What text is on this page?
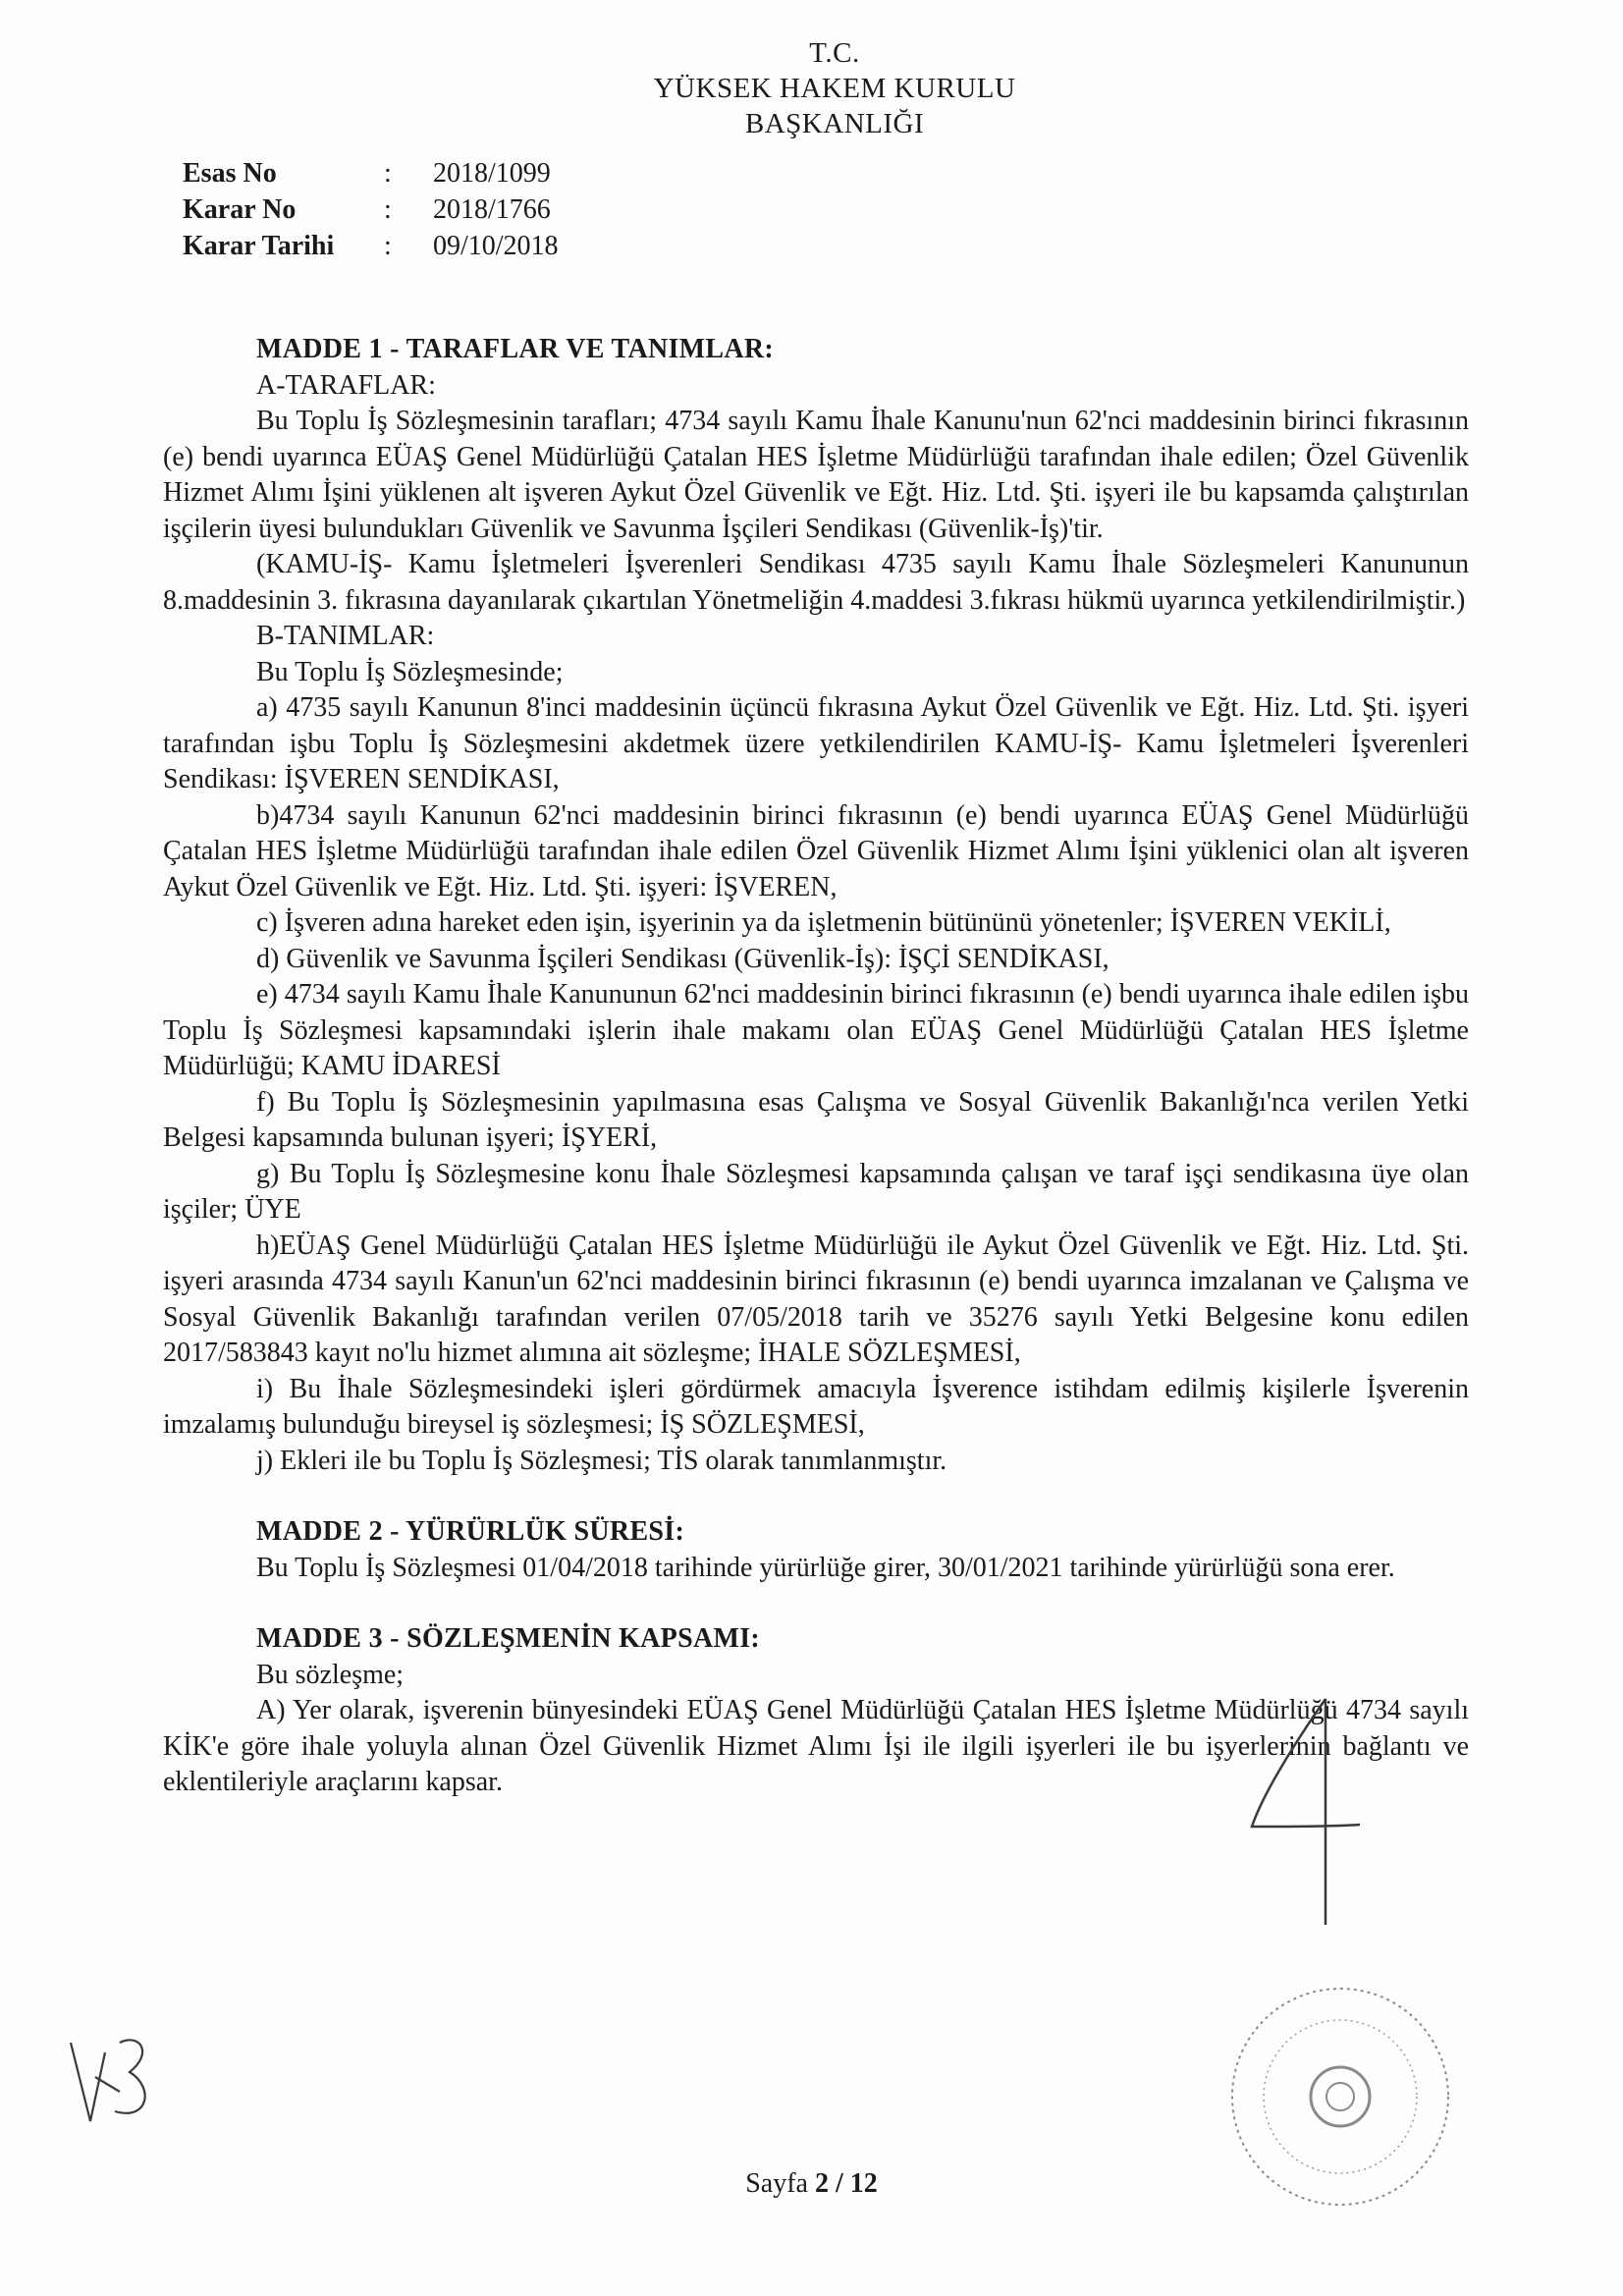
T.C.
YÜKSEK HAKEM KURULU
BAŞKANLIĞI
Esas No	:	2018/1099
Karar No	:	2018/1766
Karar Tarihi	:	09/10/2018
MADDE 1 - TARAFLAR VE TANIMLAR:
A-TARAFLAR:

Bu Toplu İş Sözleşmesinin tarafları; 4734 sayılı Kamu İhale Kanunu'nun 62'nci maddesinin birinci fıkrasının (e) bendi uyarınca EÜAŞ Genel Müdürlüğü Çatalan HES İşletme Müdürlüğü tarafından ihale edilen; Özel Güvenlik Hizmet Alımı İşini yüklenen alt işveren Aykut Özel Güvenlik ve Eğt. Hiz. Ltd. Şti. işyeri ile bu kapsamda çalıştırılan işçilerin üyesi bulundukları Güvenlik ve Savunma İşçileri Sendikası (Güvenlik-İş)'tir.

(KAMU-İŞ- Kamu İşletmeleri İşverenleri Sendikası 4735 sayılı Kamu İhale Sözleşmeleri Kanununun 8.maddesinin 3. fıkrasına dayanılarak çıkartılan Yönetmeliğin 4.maddesi 3.fıkrası hükmü uyarınca yetkilendirilmiştir.)

B-TANIMLAR:
Bu Toplu İş Sözleşmesinde;

a) 4735 sayılı Kanunun 8'inci maddesinin üçüncü fıkrasına Aykut Özel Güvenlik ve Eğt. Hiz. Ltd. Şti. işyeri tarafından işbu Toplu İş Sözleşmesini akdetmek üzere yetkilendirilen KAMU-İŞ- Kamu İşletmeleri İşverenleri Sendikası: İŞVEREN SENDİKASI,

b)4734 sayılı Kanunun 62'nci maddesinin birinci fıkrasının (e) bendi uyarınca EÜAŞ Genel Müdürlüğü Çatalan HES İşletme Müdürlüğü tarafından ihale edilen Özel Güvenlik Hizmet Alımı İşini yüklenici olan alt işveren Aykut Özel Güvenlik ve Eğt. Hiz. Ltd. Şti. işyeri: İŞVEREN,

c) İşveren adına hareket eden işin, işyerinin ya da işletmenin bütününü yönetenler; İŞVEREN VEKİLİ,

d) Güvenlik ve Savunma İşçileri Sendikası (Güvenlik-İş): İŞÇİ SENDİKASI,

e) 4734 sayılı Kamu İhale Kanununun 62'nci maddesinin birinci fıkrasının (e) bendi uyarınca ihale edilen işbu Toplu İş Sözleşmesi kapsamındaki işlerin ihale makamı olan EÜAŞ Genel Müdürlüğü Çatalan HES İşletme Müdürlüğü; KAMU İDARESİ

f) Bu Toplu İş Sözleşmesinin yapılmasına esas Çalışma ve Sosyal Güvenlik Bakanlığı'nca verilen Yetki Belgesi kapsamında bulunan işyeri; İŞYERİ,

g) Bu Toplu İş Sözleşmesine konu İhale Sözleşmesi kapsamında çalışan ve taraf işçi sendikasına üye olan işçiler; ÜYE

h)EÜAŞ Genel Müdürlüğü Çatalan HES İşletme Müdürlüğü ile Aykut Özel Güvenlik ve Eğt. Hiz. Ltd. Şti. işyeri arasında 4734 sayılı Kanun'un 62'nci maddesinin birinci fıkrasının (e) bendi uyarınca imzalanan ve Çalışma ve Sosyal Güvenlik Bakanlığı tarafından verilen 07/05/2018 tarih ve 35276 sayılı Yetki Belgesine konu edilen 2017/583843 kayıt no'lu hizmet alımına ait sözleşme; İHALE SÖZLEŞMESİ,

i) Bu İhale Sözleşmesindeki işleri gördürmek amacıyla İşverence istihdam edilmiş kişilerle İşverenin imzalamış bulunduğu bireysel iş sözleşmesi; İŞ SÖZLEŞMESİ,

j) Ekleri ile bu Toplu İş Sözleşmesi; TİS olarak tanımlanmıştır.

MADDE 2 - YÜRÜRLÜK SÜRESİ:

Bu Toplu İş Sözleşmesi 01/04/2018 tarihinde yürürlüğe girer, 30/01/2021 tarihinde yürürlüğü sona erer.

MADDE 3 - SÖZLEŞMENİN KAPSAMI:
Bu sözleşme;

A) Yer olarak, işverenin bünyesindeki EÜAŞ Genel Müdürlüğü Çatalan HES İşletme Müdürlüğü 4734 sayılı KİK'e göre ihale yoluyla alınan Özel Güvenlik Hizmet Alımı İşi ile ilgili işyerleri ile bu işyerlerinin bağlantı ve eklentileriyle araçlarını kapsar.

Sayfa 2 / 12
